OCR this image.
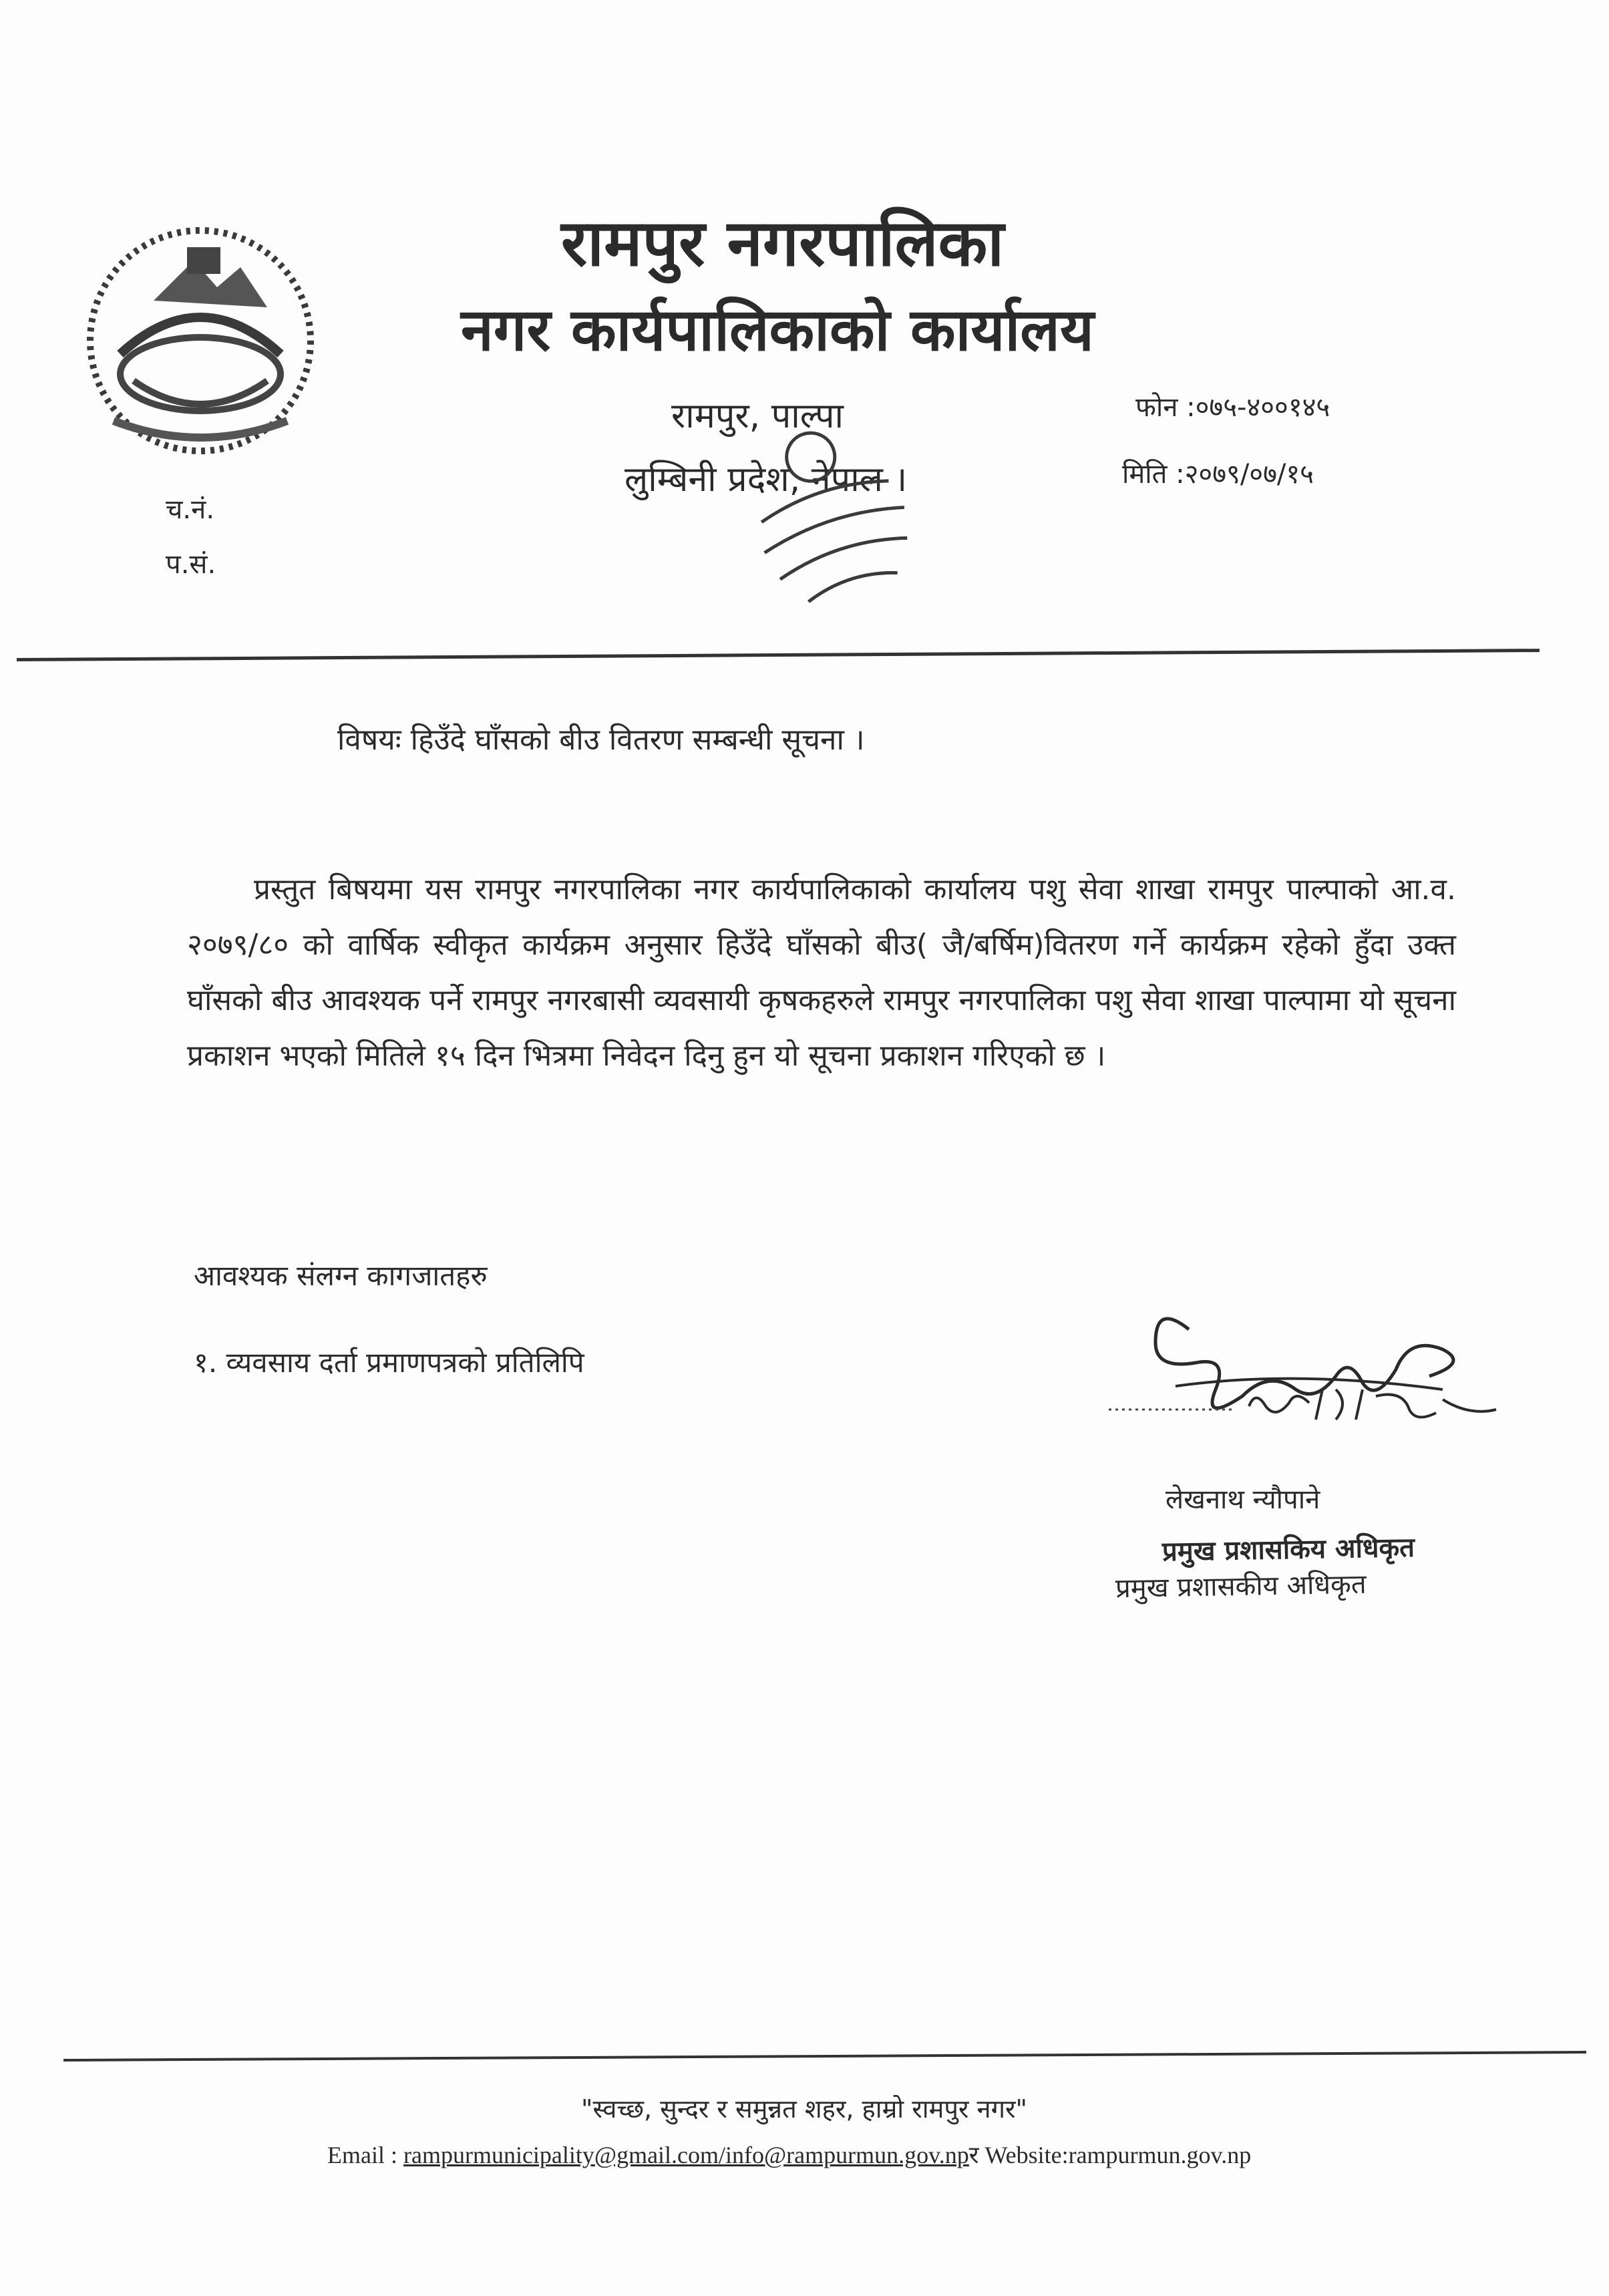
रामपुर नगरपालिका
नगर कार्यपालिकाको कार्यालय
रामपुर, पाल्पा
लुम्बिनी प्रदेश, नेपाल ।
फोन :०७५-४००१४५
मिति :२०७९/०७/१५
च.नं.
प.सं.
विषयः हिउँदे घाँसको बीउ वितरण सम्बन्धी सूचना ।
प्रस्तुत बिषयमा यस रामपुर नगरपालिका नगर कार्यपालिकाको कार्यालय पशु सेवा शाखा रामपुर पाल्पाको आ.व. २०७९/८० को वार्षिक स्वीकृत कार्यक्रम अनुसार हिउँदे घाँसको बीउ( जै/बर्षिम)वितरण गर्ने कार्यक्रम रहेको हुँदा उक्त घाँसको बीउ आवश्यक पर्ने रामपुर नगरबासी व्यवसायी कृषकहरुले रामपुर नगरपालिका पशु सेवा शाखा पाल्पामा यो सूचना प्रकाशन भएको मितिले १५ दिन भित्रमा निवेदन दिनु हुन यो सूचना प्रकाशन गरिएको छ ।
आवश्यक संलग्न कागजातहरु
१. व्यवसाय दर्ता प्रमाणपत्रको प्रतिलिपि
लेखनाथ न्यौपाने
प्रमुख प्रशासकिय अधिकृत
प्रमुख प्रशासकीय अधिकृत
"स्वच्छ, सुन्दर र समुन्नत शहर, हाम्रो रामपुर नगर"
Email : rampurmunicipality@gmail.com/info@rampurmun.gov.npर Website:rampurmun.gov.np
